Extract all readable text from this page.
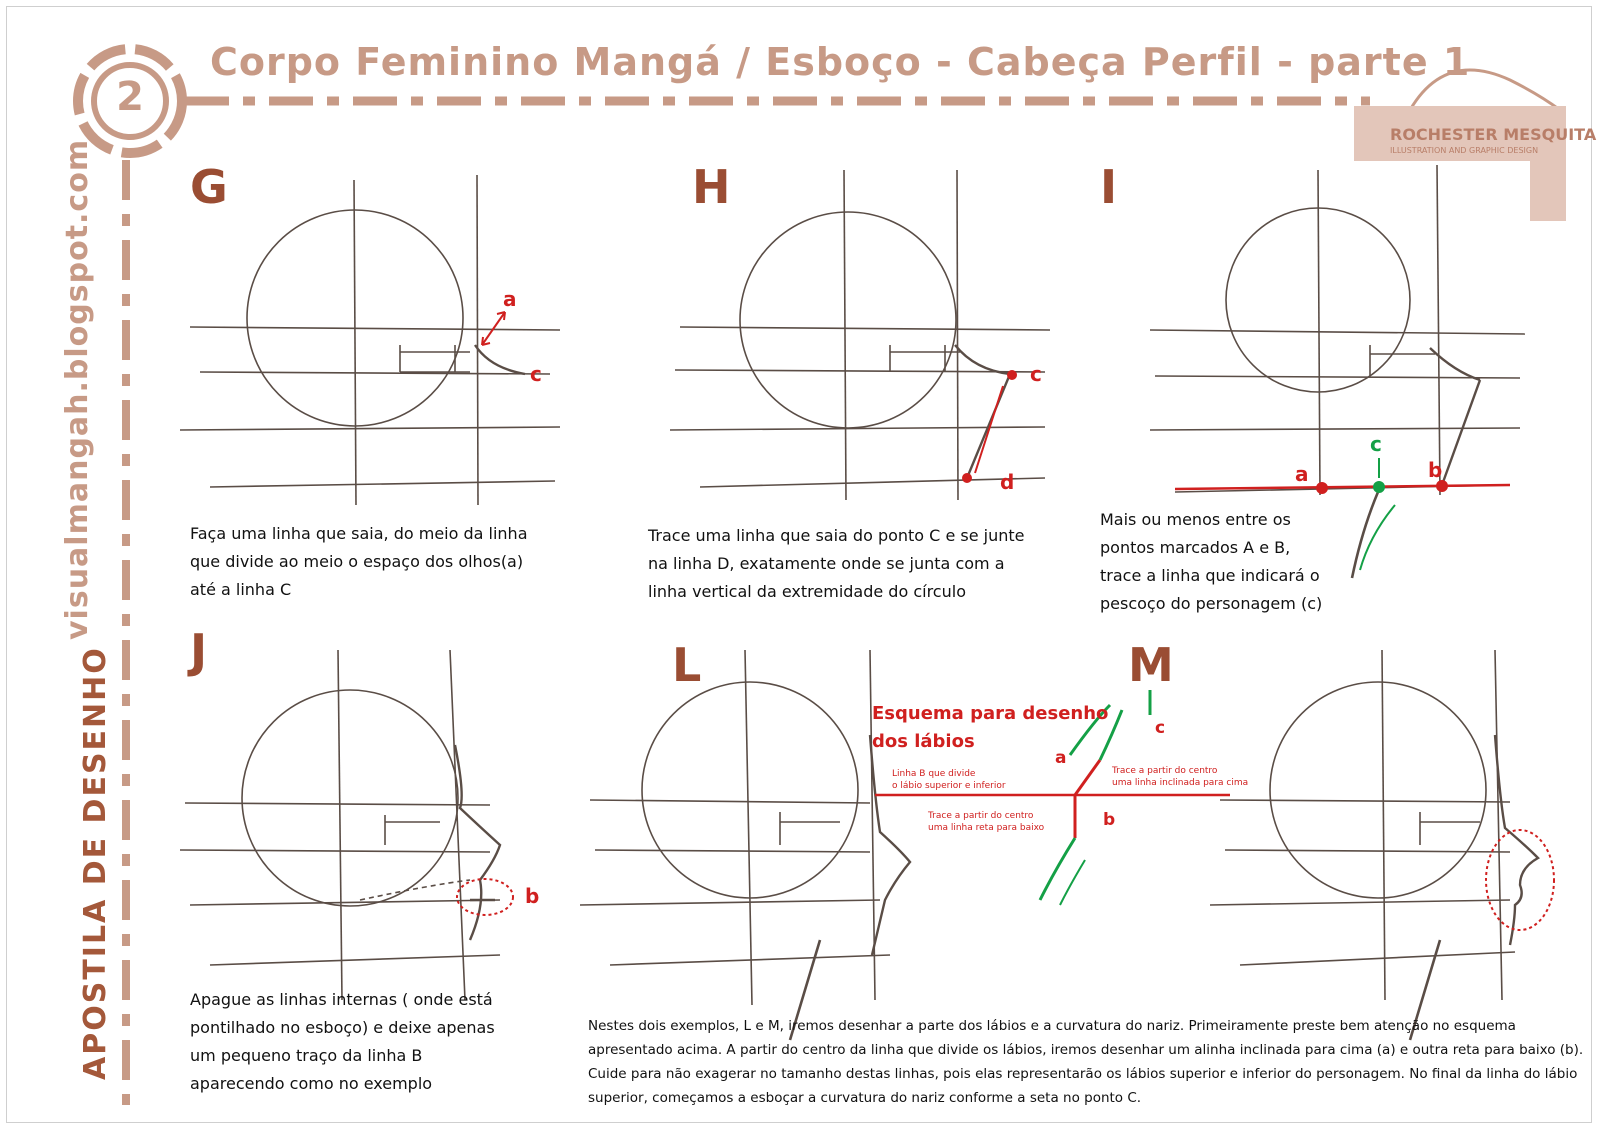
2
Corpo Feminino Mangá / Esboço - Cabeça Perfil - parte 1
visualmangah.blogspot.com
APOSTILA DE DESENHO
ROCHESTER MESQUITA
ILLUSTRATION AND GRAPHIC DESIGN
G	H	I
J	L	M
a
c	c
d	a
c
b
b
Faça uma linha que saia, do meio da linha
que divide ao meio o espaço dos olhos(a)
até a linha C
Trace uma linha que saia do ponto C e se junte
na linha D, exatamente onde se junta com a
linha vertical da extremidade do círculo
Mais ou menos entre os
pontos marcados A e B,
trace a linha que indicará o
pescoço do personagem (c)
Apague as linhas internas ( onde está
pontilhado no esboço) e deixe apenas
um pequeno traço da linha B
aparecendo como no exemplo
Esquema para desenho
dos lábios
Linha B que divide
o lábio superior e inferior
Trace a partir do centro
uma linha inclinada para cima
Trace a partir do centro
uma linha reta para baixo
a
b
c
Nestes dois exemplos, L e M, iremos desenhar a parte dos lábios e a curvatura do nariz. Primeiramente preste bem atenção no esquema
apresentado acima. A partir do centro da linha que divide os lábios, iremos desenhar um alinha inclinada para cima (a) e outra reta para baixo (b).
Cuide para não exagerar no tamanho destas linhas, pois elas representarão os lábios superior e inferior do personagem. No final da linha do lábio
superior, começamos a esboçar a curvatura do nariz conforme a seta no ponto C.
